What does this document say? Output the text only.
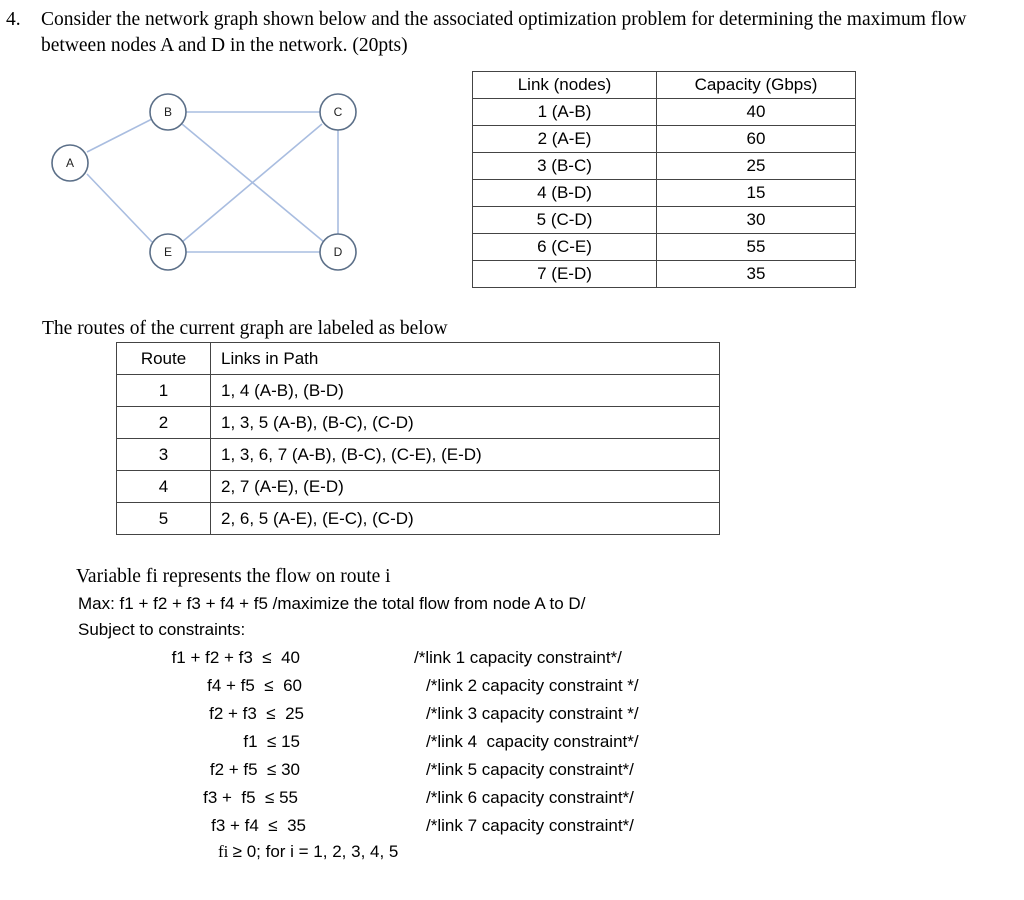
4. Consider the network graph shown below and the associated optimization problem for determining the maximum flow between nodes A and D in the network. (20pts)
A
B	C
D
E
Link (nodes)	Capacity (Gbps)
1 (A-B)	40
2 (A-E)	60
3 (B-C)	25
4 (B-D)	15
5 (C-D)	30
6 (C-E)	55
7 (E-D)	35
The routes of the current graph are labeled as below
Route	Links in Path
1	1, 4 (A-B), (B-D)
2	1, 3, 5 (A-B), (B-C), (C-D)
3	1, 3, 6, 7 (A-B), (B-C), (C-E), (E-D)
4	2, 7 (A-E), (E-D)
5	2, 6, 5 (A-E), (E-C), (C-D)
Variable fi represents the flow on route i
Max: f1 + f2 + f3 + f4 + f5 /maximize the total flow from node A to D/
Subject to constraints:
f1 + f2 + f3  ≤  40	/*link 1 capacity constraint*/
f4 + f5  ≤  60	/*link 2 capacity constraint */
f2 + f3  ≤  25	/*link 3 capacity constraint */
f1  ≤ 15	/*link 4  capacity constraint*/
f2 + f5  ≤ 30	/*link 5 capacity constraint*/
f3 +  f5  ≤ 55	/*link 6 capacity constraint*/
f3 + f4  ≤  35	/*link 7 capacity constraint*/
fi ≥ 0; for i = 1, 2, 3, 4, 5
